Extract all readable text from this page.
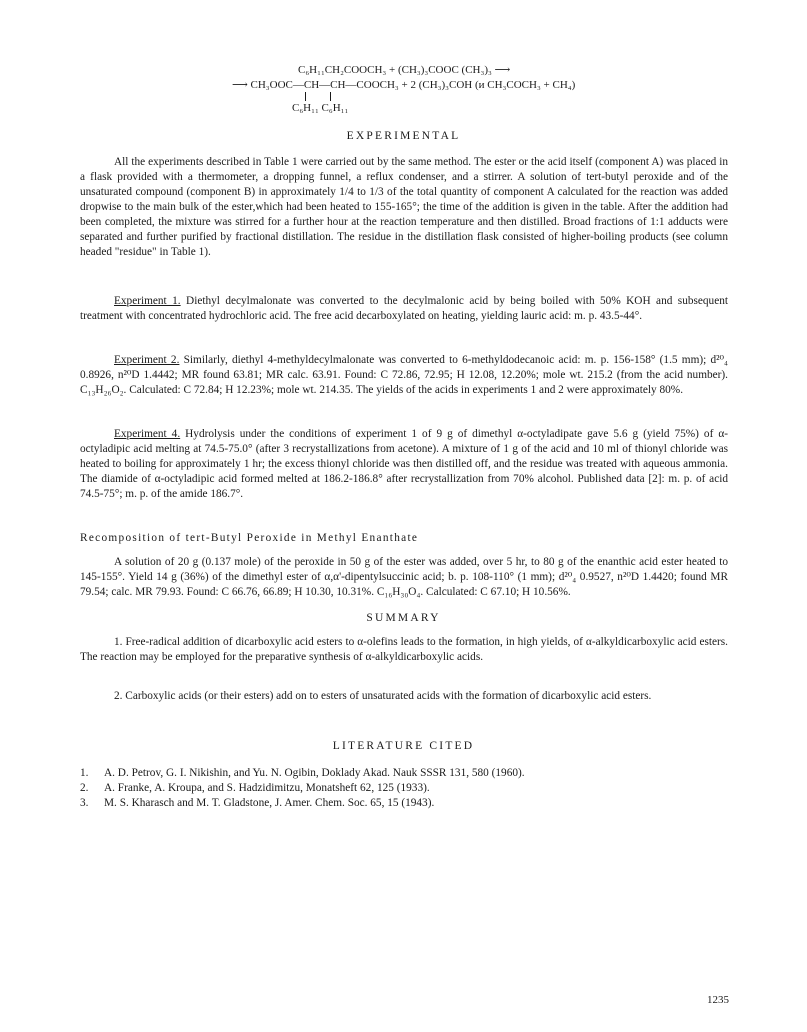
C₆H₁₁CH₂COOCH₃ + (CH₃)₃COOC (CH₃)₃ ⟶
⟶ CH₃OOC—CH—CH—COOCH₃ + 2 (CH₃)₃COH (и CH₃COCH₃ + CH₄)
C₆H₁₁ C₆H₁₁
EXPERIMENTAL

All the experiments described in Table 1 were carried out by the same method. The ester or the acid itself (component A) was placed in a flask provided with a thermometer, a dropping funnel, a reflux condenser, and a stirrer. A solution of tert-butyl peroxide and of the unsaturated compound (component B) in approximately 1/4 to 1/3 of the total quantity of component A calculated for the reaction was added dropwise to the main bulk of the ester,which had been heated to 155-165°; the time of the addition is given in the table. After the addition had been completed, the mixture was stirred for a further hour at the reaction temperature and then distilled. Broad fractions of 1:1 adducts were separated and further purified by fractional distillation. The residue in the distillation flask consisted of higher-boiling products (see column headed "residue" in Table 1).

Experiment 1. Diethyl decylmalonate was converted to the decylmalonic acid by being boiled with 50% KOH and subsequent treatment with concentrated hydrochloric acid. The free acid decarboxylated on heating, yielding lauric acid: m. p. 43.5-44°.

Experiment 2. Similarly, diethyl 4-methyldecylmalonate was converted to 6-methyldodecanoic acid: m. p. 156-158° (1.5 mm); d²⁰₄ 0.8926, n²⁰D 1.4442; MR found 63.81; MR calc. 63.91. Found: C 72.86, 72.95; H 12.08, 12.20%; mole wt. 215.2 (from the acid number). C₁₃H₂₆O₂. Calculated: C 72.84; H 12.23%; mole wt. 214.35. The yields of the acids in experiments 1 and 2 were approximately 80%.

Experiment 4. Hydrolysis under the conditions of experiment 1 of 9 g of dimethyl α-octyladipate gave 5.6 g (yield 75%) of α-octyladipic acid melting at 74.5-75.0° (after 3 recrystallizations from acetone). A mixture of 1 g of the acid and 10 ml of thionyl chloride was heated to boiling for approximately 1 hr; the excess thionyl chloride was then distilled off, and the residue was treated with aqueous ammonia. The diamide of α-octyladipic acid formed melted at 186.2-186.8° after recrystallization from 70% alcohol. Published data [2]: m. p. of acid 74.5-75°; m. p. of the amide 186.7°.

Recomposition of tert-Butyl Peroxide in Methyl Enanthate

A solution of 20 g (0.137 mole) of the peroxide in 50 g of the ester was added, over 5 hr, to 80 g of the enanthic acid ester heated to 145-155°. Yield 14 g (36%) of the dimethyl ester of α,α'-dipentylsuccinic acid; b. p. 108-110° (1 mm); d²⁰₄ 0.9527, n²⁰D 1.4420; found MR 79.54; calc. MR 79.93. Found: C 66.76, 66.89; H 10.30, 10.31%. C₁₆H₃₀O₄. Calculated: C 67.10; H 10.56%.

SUMMARY

1. Free-radical addition of dicarboxylic acid esters to α-olefins leads to the formation, in high yields, of α-alkyldicarboxylic acid esters. The reaction may be employed for the preparative synthesis of α-alkyldicarboxylic acids.

2. Carboxylic acids (or their esters) add on to esters of unsaturated acids with the formation of dicarboxylic acid esters.

LITERATURE CITED
1.	A. D. Petrov, G. I. Nikishin, and Yu. N. Ogibin, Doklady Akad. Nauk SSSR 131, 580 (1960).
2.	A. Franke, A. Kroupa, and S. Hadzidimitzu, Monatsheft 62, 125 (1933).
3.	M. S. Kharasch and M. T. Gladstone, J. Amer. Chem. Soc. 65, 15 (1943).
1235
